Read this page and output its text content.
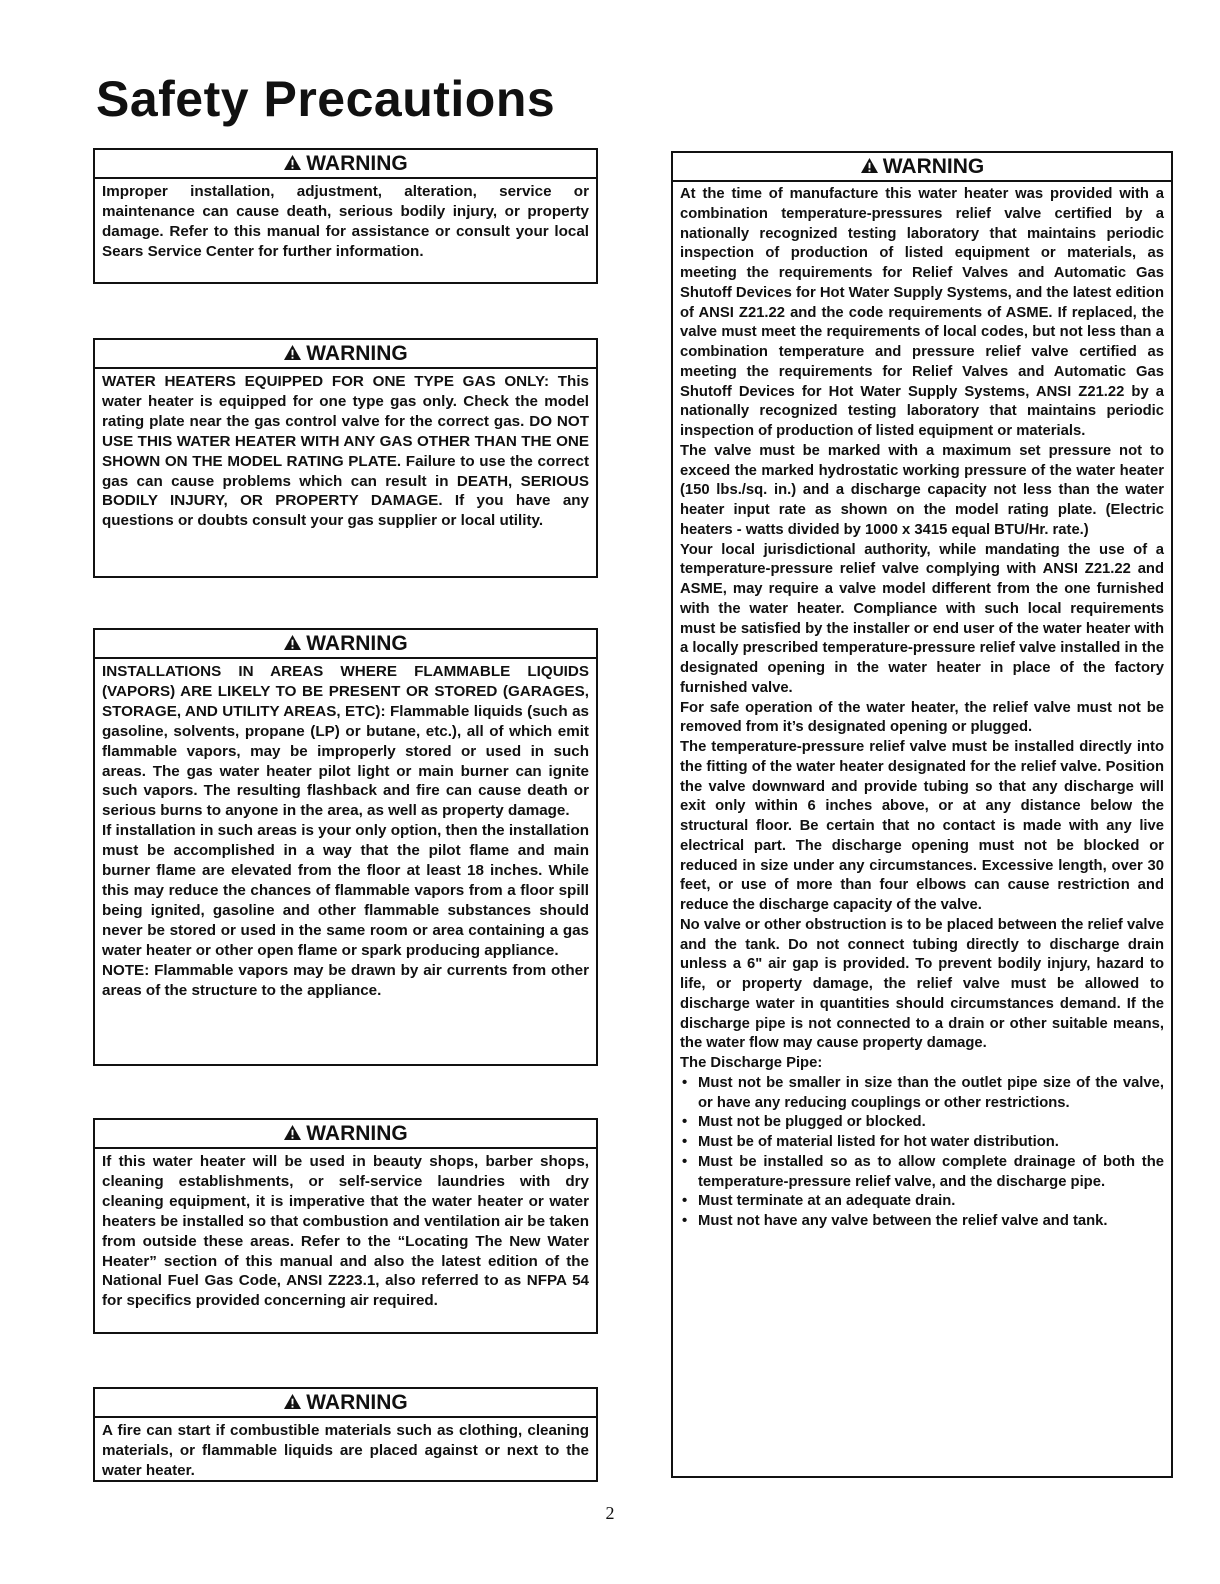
Safety Precautions
WARNING

Improper installation, adjustment, alteration, service or maintenance can cause death, serious bodily injury, or property damage. Refer to this manual for assistance or consult your local Sears Service Center for further information.

WARNING

WATER HEATERS EQUIPPED FOR ONE TYPE GAS ONLY: This water heater is equipped for one type gas only. Check the model rating plate near the gas control valve for the correct gas. DO NOT USE THIS WATER HEATER WITH ANY GAS OTHER THAN THE ONE SHOWN ON THE MODEL RATING PLATE. Failure to use the correct gas can cause problems which can result in DEATH, SERIOUS BODILY INJURY, OR PROPERTY DAMAGE. If you have any questions or doubts consult your gas supplier or local utility.

WARNING

INSTALLATIONS IN AREAS WHERE FLAMMABLE LIQUIDS (VAPORS) ARE LIKELY TO BE PRESENT OR STORED (GARAGES, STORAGE, AND UTILITY AREAS, ETC): Flammable liquids (such as gasoline, solvents, propane (LP) or butane, etc.), all of which emit flammable vapors, may be improperly stored or used in such areas. The gas water heater pilot light or main burner can ignite such vapors. The resulting flashback and fire can cause death or serious burns to anyone in the area, as well as property damage.

If installation in such areas is your only option, then the installation must be accomplished in a way that the pilot flame and main burner flame are elevated from the floor at least 18 inches. While this may reduce the chances of flammable vapors from a floor spill being ignited, gasoline and other flammable substances should never be stored or used in the same room or area containing a gas water heater or other open flame or spark producing appliance.

NOTE: Flammable vapors may be drawn by air currents from other areas of the structure to the appliance.

WARNING

If this water heater will be used in beauty shops, barber shops, cleaning establishments, or self-service laundries with dry cleaning equipment, it is imperative that the water heater or water heaters be installed so that combustion and ventilation air be taken from outside these areas. Refer to the “Locating The New Water Heater” section of this manual and also the latest edition of the National Fuel Gas Code, ANSI Z223.1, also referred to as NFPA 54 for specifics provided concerning air required.

WARNING

A fire can start if combustible materials such as clothing, cleaning materials, or flammable liquids are placed against or next to the water heater.

WARNING

At the time of manufacture this water heater was provided with a combination temperature-pressures relief valve certified by a nationally recognized testing laboratory that maintains periodic inspection of production of listed equipment or materials, as meeting the requirements for Relief Valves and Automatic Gas Shutoff Devices for Hot Water Supply Systems, and the latest edition of ANSI Z21.22 and the code requirements of ASME. If replaced, the valve must meet the requirements of local codes, but not less than a combination temperature and pressure relief valve certified as meeting the requirements for Relief Valves and Automatic Gas Shutoff Devices for Hot Water Supply Systems, ANSI Z21.22 by a nationally recognized testing laboratory that maintains periodic inspection of production of listed equipment or materials.

The valve must be marked with a maximum set pressure not to exceed the marked hydrostatic working pressure of the water heater (150 lbs./sq. in.) and a discharge capacity not less than the water heater input rate as shown on the model rating plate. (Electric heaters - watts divided by 1000 x 3415 equal BTU/Hr. rate.)

Your local jurisdictional authority, while mandating the use of a temperature-pressure relief valve complying with ANSI Z21.22 and ASME, may require a valve model different from the one furnished with the water heater. Compliance with such local requirements must be satisfied by the installer or end user of the water heater with a locally prescribed temperature-pressure relief valve installed in the designated opening in the water heater in place of the factory furnished valve.

For safe operation of the water heater, the relief valve must not be removed from it’s designated opening or plugged.

The temperature-pressure relief valve must be installed directly into the fitting of the water heater designated for the relief valve. Position the valve downward and provide tubing so that any discharge will exit only within 6 inches above, or at any distance below the structural floor. Be certain that no contact is made with any live electrical part. The discharge opening must not be blocked or reduced in size under any circumstances. Excessive length, over 30 feet, or use of more than four elbows can cause restriction and reduce the discharge capacity of the valve.

No valve or other obstruction is to be placed between the relief valve and the tank. Do not connect tubing directly to discharge drain unless a 6" air gap is provided. To prevent bodily injury, hazard to life, or property damage, the relief valve must be allowed to discharge water in quantities should circumstances demand. If the discharge pipe is not connected to a drain or other suitable means, the water flow may cause property damage.

The Discharge Pipe:

• Must not be smaller in size than the outlet pipe size of the valve, or have any reducing couplings or other restrictions.
• Must not be plugged or blocked.
• Must be of material listed for hot water distribution.
• Must be installed so as to allow complete drainage of both the temperature-pressure relief valve, and the discharge pipe.
• Must terminate at an adequate drain.
• Must not have any valve between the relief valve and tank.
2
